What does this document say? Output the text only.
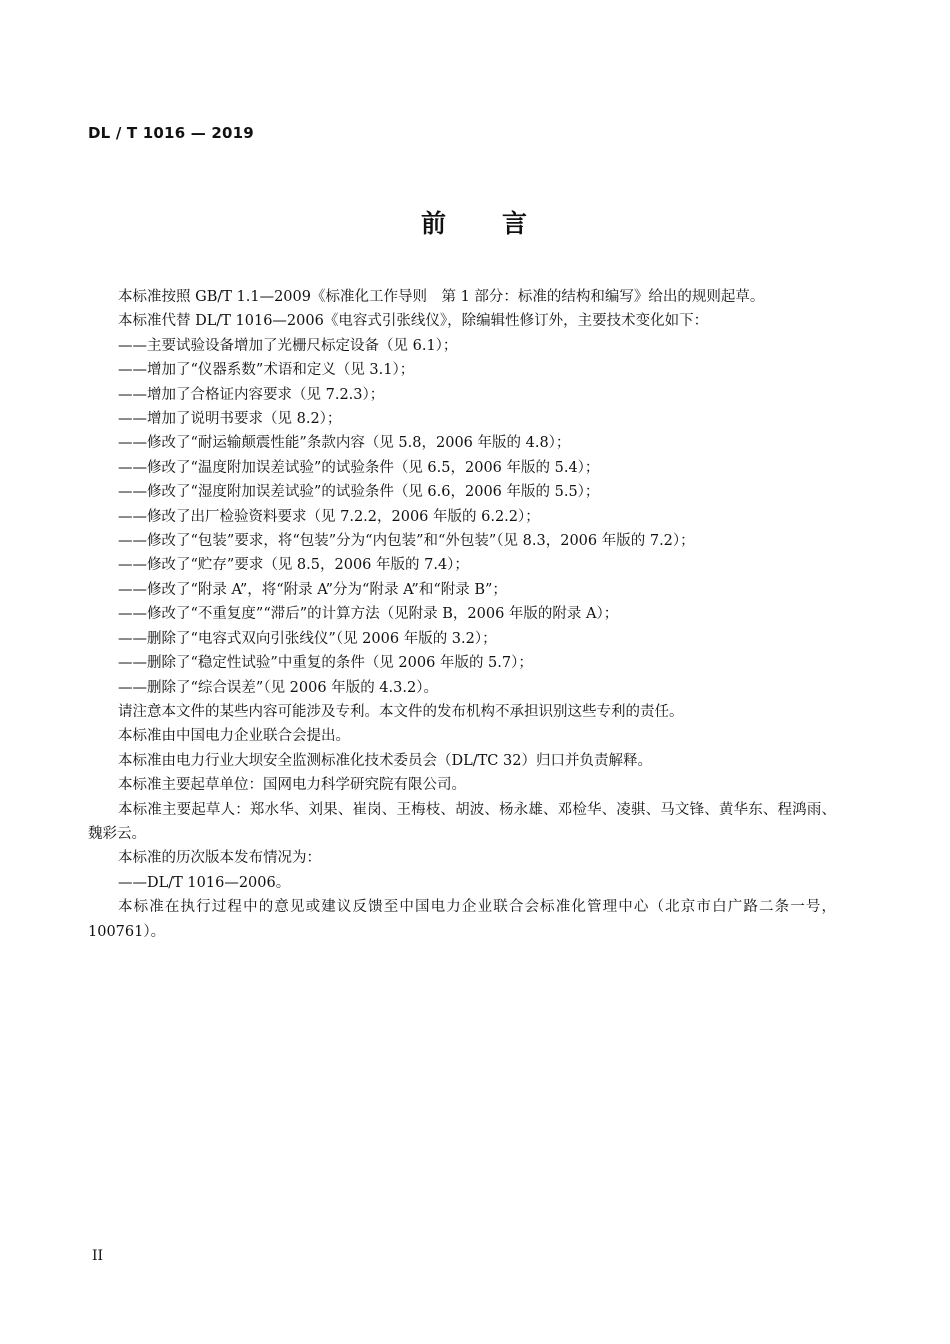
DL / T 1016 — 2019
前　　言

本标准按照 GB/T 1.1—2009《标准化工作导则　第 1 部分：标准的结构和编写》给出的规则起草。

本标准代替 DL/T 1016—2006《电容式引张线仪》，除编辑性修订外，主要技术变化如下：

——主要试验设备增加了光栅尺标定设备（见 6.1）；

——增加了“仪器系数”术语和定义（见 3.1）；

——增加了合格证内容要求（见 7.2.3）；

——增加了说明书要求（见 8.2）；

——修改了“耐运输颠震性能”条款内容（见 5.8，2006 年版的 4.8）；

——修改了“温度附加误差试验”的试验条件（见 6.5，2006 年版的 5.4）；

——修改了“湿度附加误差试验”的试验条件（见 6.6，2006 年版的 5.5）；

——修改了出厂检验资料要求（见 7.2.2，2006 年版的 6.2.2）；

——修改了“包装”要求，将“包装”分为“内包装”和“外包装”（见 8.3，2006 年版的 7.2）；

——修改了“贮存”要求（见 8.5，2006 年版的 7.4）；

——修改了“附录 A”，将“附录 A”分为“附录 A”和“附录 B”；

——修改了“不重复度”“滞后”的计算方法（见附录 B，2006 年版的附录 A）；

——删除了“电容式双向引张线仪”（见 2006 年版的 3.2）；

——删除了“稳定性试验”中重复的条件（见 2006 年版的 5.7）；

——删除了“综合误差”（见 2006 年版的 4.3.2）。

请注意本文件的某些内容可能涉及专利。本文件的发布机构不承担识别这些专利的责任。

本标准由中国电力企业联合会提出。

本标准由电力行业大坝安全监测标准化技术委员会（DL/TC 32）归口并负责解释。

本标准主要起草单位：国网电力科学研究院有限公司。

本标准主要起草人：郑水华、刘果、崔岗、王梅枝、胡波、杨永雄、邓检华、凌骐、马文锋、黄华东、程鸿雨、魏彩云。

本标准的历次版本发布情况为：

——DL/T 1016—2006。

本标准在执行过程中的意见或建议反馈至中国电力企业联合会标准化管理中心（北京市白广路二条一号，100761）。

II
